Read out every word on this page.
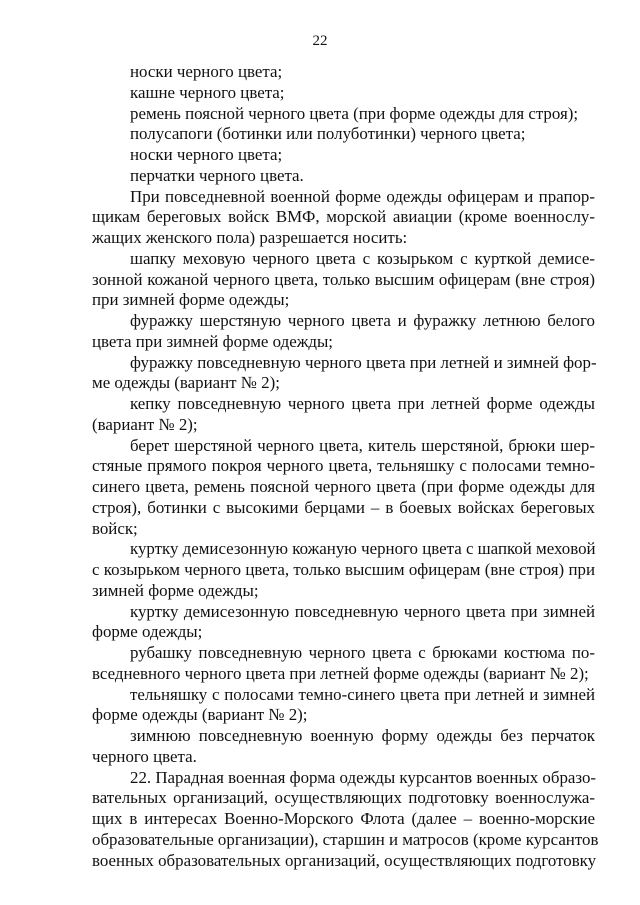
22
носки черного цвета;
кашне черного цвета;
ремень поясной черного цвета (при форме одежды для строя);
полусапоги (ботинки или полуботинки) черного цвета;
носки черного цвета;
перчатки черного цвета.
При повседневной военной форме одежды офицерам и прапор-
щикам береговых войск ВМФ, морской авиации (кроме военнослу-
жащих женского пола) разрешается носить:
шапку меховую черного цвета с козырьком с курткой демисе-
зонной кожаной черного цвета, только высшим офицерам (вне строя)
при зимней форме одежды;
фуражку шерстяную черного цвета и фуражку летнюю белого
цвета при зимней форме одежды;
фуражку повседневную черного цвета при летней и зимней фор-
ме одежды (вариант № 2);
кепку повседневную черного цвета при летней форме одежды
(вариант № 2);
берет шерстяной черного цвета, китель шерстяной, брюки шер-
стяные прямого покроя черного цвета, тельняшку с полосами темно-
синего цвета, ремень поясной черного цвета (при форме одежды для
строя), ботинки с высокими берцами – в боевых войсках береговых
войск;
куртку демисезонную кожаную черного цвета с шапкой меховой
с козырьком черного цвета, только высшим офицерам (вне строя) при
зимней форме одежды;
куртку демисезонную повседневную черного цвета при зимней
форме одежды;
рубашку повседневную черного цвета с брюками костюма по-
вседневного черного цвета при летней форме одежды (вариант № 2);
тельняшку с полосами темно-синего цвета при летней и зимней
форме одежды (вариант № 2);
зимнюю повседневную военную форму одежды без перчаток
черного цвета.
22. Парадная военная форма одежды курсантов военных образо-
вательных организаций, осуществляющих подготовку военнослужа-
щих в интересах Военно-Морского Флота (далее – военно-морские
образовательные организации), старшин и матросов (кроме курсантов
военных образовательных организаций, осуществляющих подготовку
